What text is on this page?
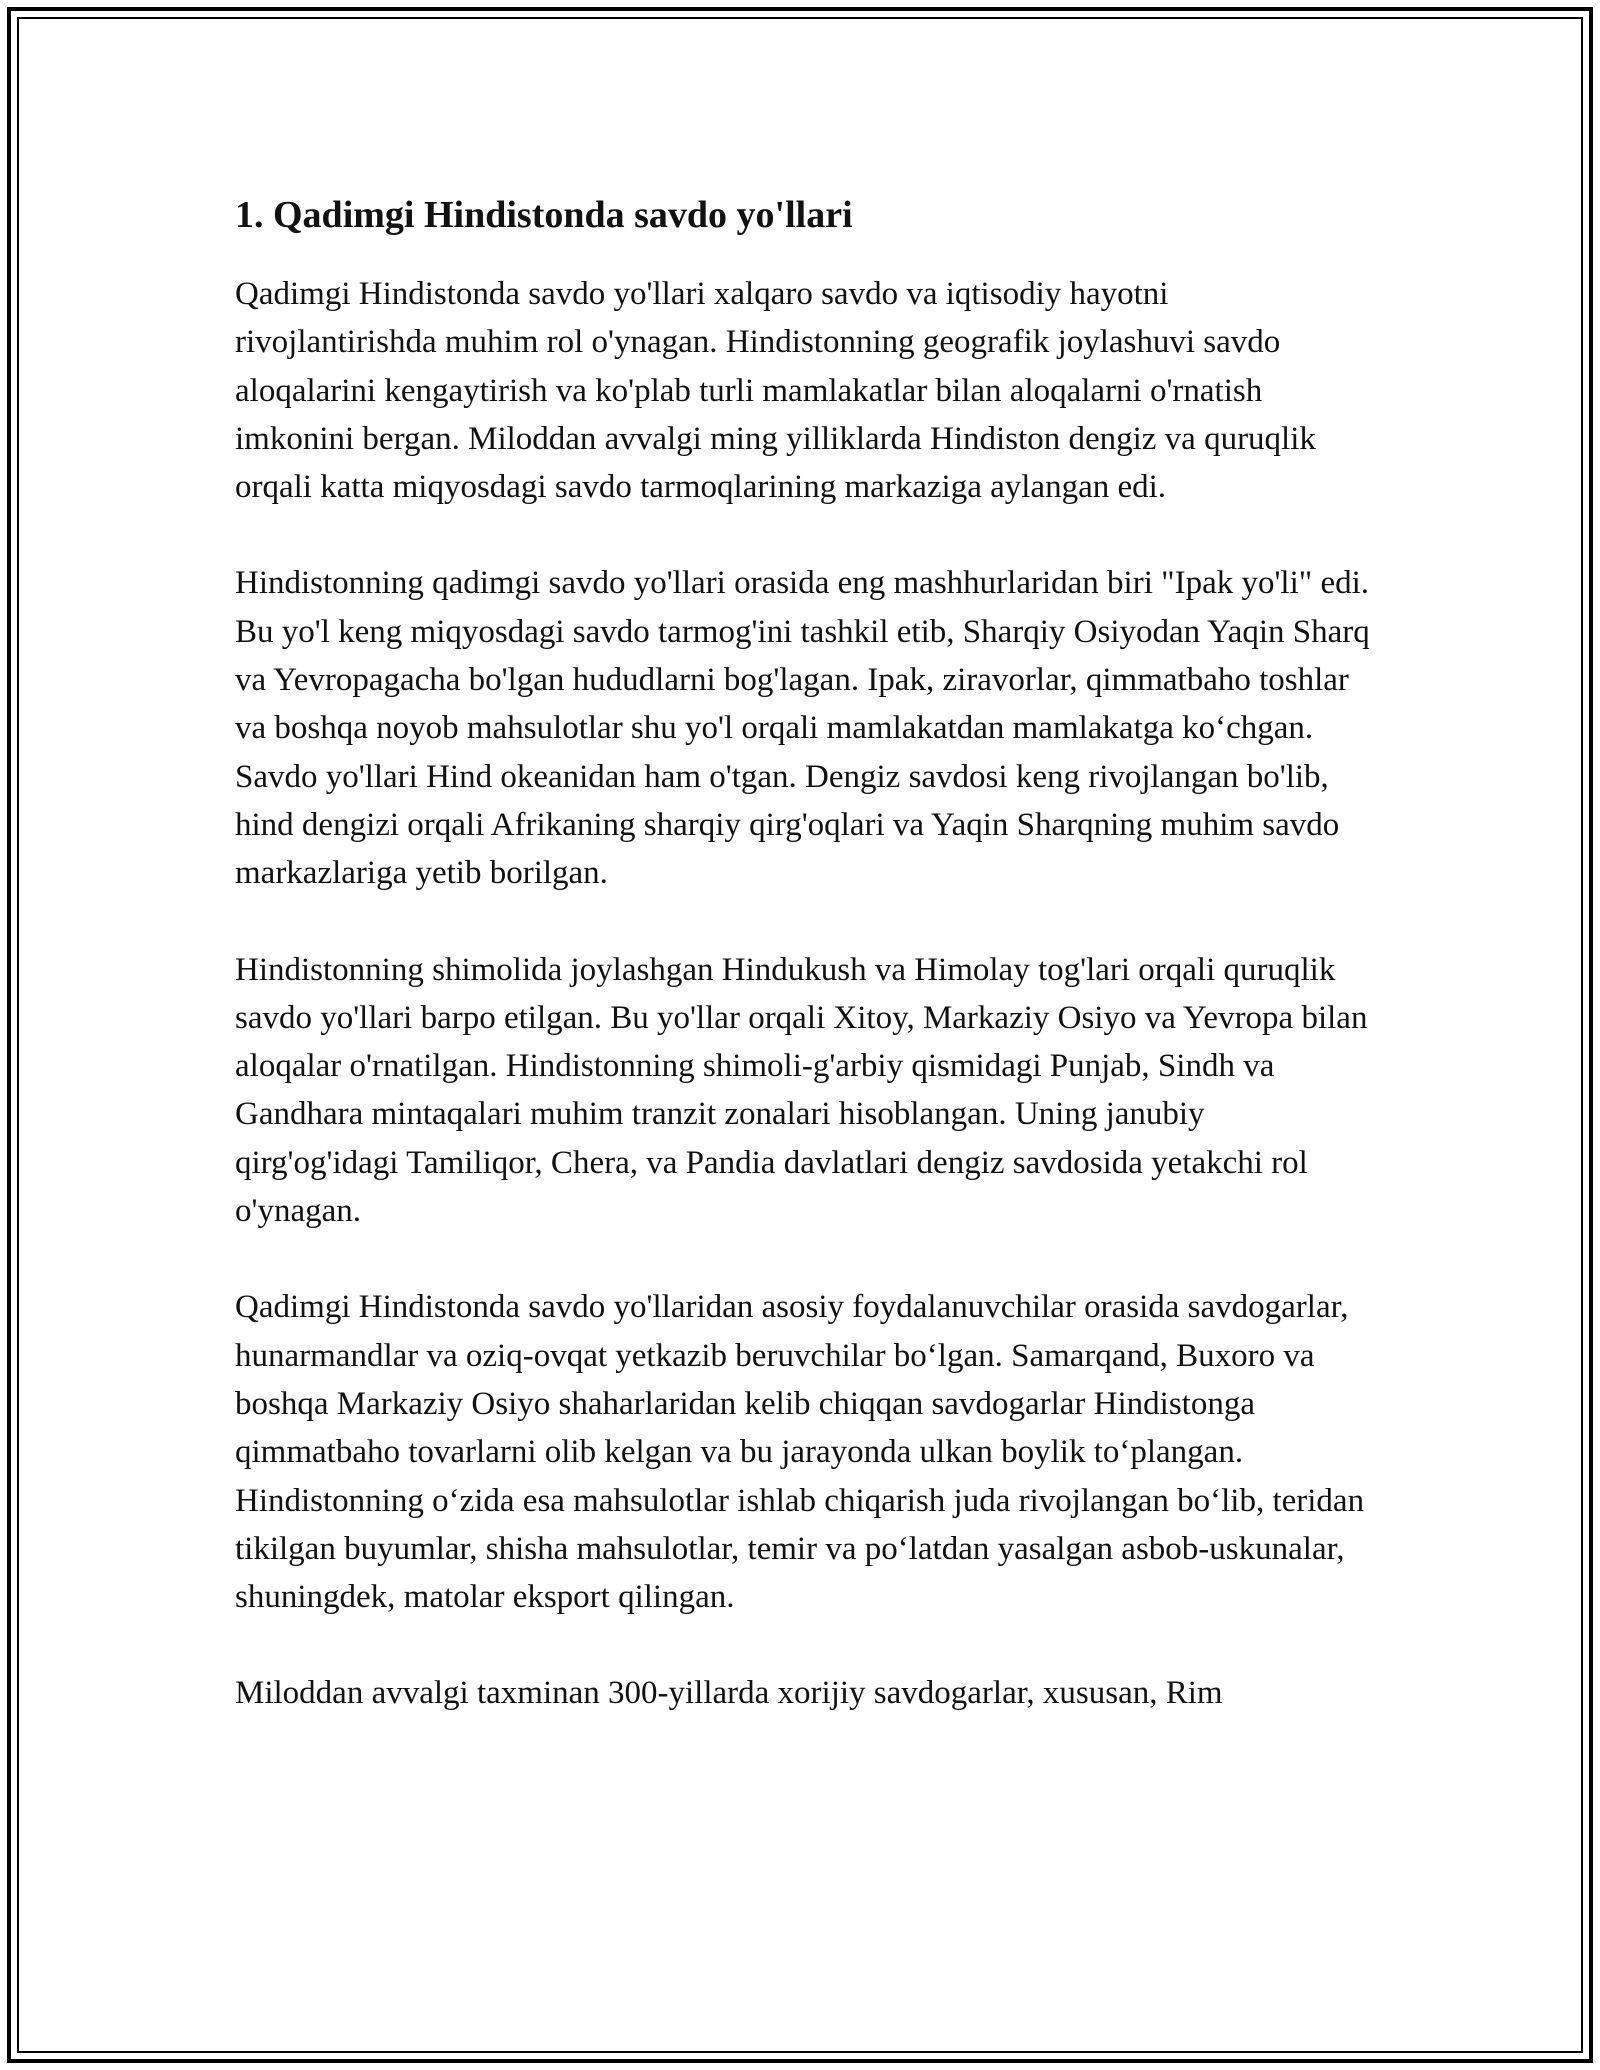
1. Qadimgi Hindistonda savdo yo'llari

Qadimgi Hindistonda savdo yo'llari xalqaro savdo va iqtisodiy hayotni rivojlantirishda muhim rol o'ynagan. Hindistonning geografik joylashuvi savdo aloqalarini kengaytirish va ko'plab turli mamlakatlar bilan aloqalarni o'rnatish imkonini bergan. Miloddan avvalgi ming yilliklarda Hindiston dengiz va quruqlik orqali katta miqyosdagi savdo tarmoqlarining markaziga aylangan edi.

Hindistonning qadimgi savdo yo'llari orasida eng mashhurlaridan biri "Ipak yo'li" edi. Bu yo'l keng miqyosdagi savdo tarmog'ini tashkil etib, Sharqiy Osiyodan Yaqin Sharq va Yevropagacha bo'lgan hududlarni bog'lagan. Ipak, ziravorlar, qimmatbaho toshlar va boshqa noyob mahsulotlar shu yo'l orqali mamlakatdan mamlakatga ko‘chgan. Savdo yo'llari Hind okeanidan ham o'tgan. Dengiz savdosi keng rivojlangan bo'lib, hind dengizi orqali Afrikaning sharqiy qirg'oqlari va Yaqin Sharqning muhim savdo markazlariga yetib borilgan.

Hindistonning shimolida joylashgan Hindukush va Himolay tog'lari orqali quruqlik savdo yo'llari barpo etilgan. Bu yo'llar orqali Xitoy, Markaziy Osiyo va Yevropa bilan aloqalar o'rnatilgan. Hindistonning shimoli-g'arbiy qismidagi Punjab, Sindh va Gandhara mintaqalari muhim tranzit zonalari hisoblangan. Uning janubiy qirg'og'idagi Tamiliqor, Chera, va Pandia davlatlari dengiz savdosida yetakchi rol o'ynagan.

Qadimgi Hindistonda savdo yo'llaridan asosiy foydalanuvchilar orasida savdogarlar, hunarmandlar va oziq-ovqat yetkazib beruvchilar bo‘lgan. Samarqand, Buxoro va boshqa Markaziy Osiyo shaharlaridan kelib chiqqan savdogarlar Hindistonga qimmatbaho tovarlarni olib kelgan va bu jarayonda ulkan boylik to‘plangan. Hindistonning o‘zida esa mahsulotlar ishlab chiqarish juda rivojlangan bo‘lib, teridan tikilgan buyumlar, shisha mahsulotlar, temir va po‘latdan yasalgan asbob-uskunalar, shuningdek, matolar eksport qilingan.

Miloddan avvalgi taxminan 300-yillarda xorijiy savdogarlar, xususan, Rim
